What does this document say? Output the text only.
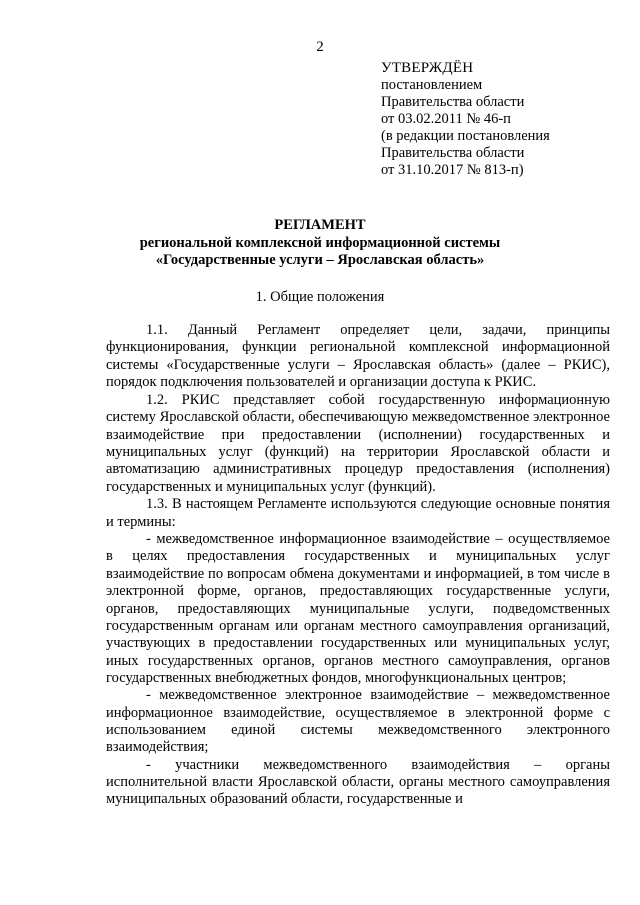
2
УТВЕРЖДЁН
постановлением
Правительства области
от 03.02.2011 № 46-п
(в редакции постановления
Правительства области
от 31.10.2017 № 813-п)
РЕГЛАМЕНТ
региональной комплексной информационной системы
«Государственные услуги – Ярославская область»
1. Общие положения

1.1. Данный Регламент определяет цели, задачи, принципы функционирования, функции региональной комплексной информационной системы «Государственные услуги – Ярославская область» (далее – РКИС), порядок подключения пользователей и организации доступа к РКИС.

1.2. РКИС представляет собой государственную информационную систему Ярославской области, обеспечивающую межведомственное электронное взаимодействие при предоставлении (исполнении) государственных и муниципальных услуг (функций) на территории Ярославской области и автоматизацию административных процедур предоставления (исполнения) государственных и муниципальных услуг (функций).

1.3. В настоящем Регламенте используются следующие основные понятия и термины:

- межведомственное информационное взаимодействие – осуществляемое в целях предоставления государственных и муниципальных услуг взаимодействие по вопросам обмена документами и информацией, в том числе в электронной форме, органов, предоставляющих государственные услуги, органов, предоставляющих муниципальные услуги, подведомственных государственным органам или органам местного самоуправления организаций, участвующих в предоставлении государственных или муниципальных услуг, иных государственных органов, органов местного самоуправления, органов государственных внебюджетных фондов, многофункциональных центров;

- межведомственное электронное взаимодействие – межведомственное информационное взаимодействие, осуществляемое в электронной форме с использованием единой системы межведомственного электронного взаимодействия;

- участники межведомственного взаимодействия – органы исполнительной власти Ярославской области, органы местного самоуправления муниципальных образований области, государственные и
